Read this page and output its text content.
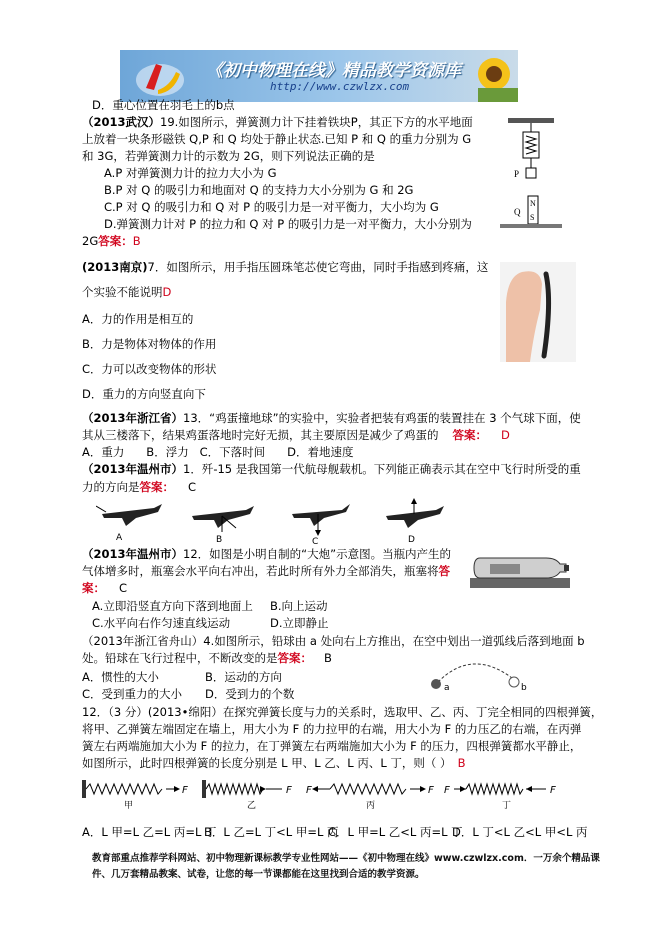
《初中物理在线》精品教学资源库
http://www.czwlzx.com
D．重心位置在羽毛上的b点
（2013武汉）19.如图所示，弹簧测力计下挂着铁块P，其正下方的水平地面
上放着一块条形磁铁 Q,P 和 Q 均处于静止状态.已知 P 和 Q 的重力分别为 G
和 3G，若弹簧测力计的示数为 2G，则下列说法正确的是
A.P 对弹簧测力计的拉力大小为 G
B.P 对 Q 的吸引力和地面对 Q 的支持力大小分别为 G 和 2G
C.P 对 Q 的吸引力和 Q 对 P 的吸引力是一对平衡力，大小均为 G
D.弹簧测力计对 P 的拉力和 Q 对 P 的吸引力是一对平衡力，大小分别为
2G答案：B
P
N
S
Q
(2013南京)7．如图所示，用手指压圆珠笔芯使它弯曲，同时手指感到疼痛，这
个实验不能说明D
A．力的作用是相互的
B．力是物体对物体的作用
C．力可以改变物体的形状
D．重力的方向竖直向下
（2013年浙江省）13．“鸡蛋撞地球”的实验中，实验者把装有鸡蛋的装置挂在 3 个气球下面，使
其从三楼落下，结果鸡蛋落地时完好无损，其主要原因是减少了鸡蛋的 答案： D
A．重力      B．浮力   C．下落时间      D．着地速度
（2013年温州市）1．歼-15 是我国第一代航母舰载机。下列能正确表示其在空中飞行时所受的重
力的方向是答案： C
A	B	C	D
（2013年温州市）12．如图是小明自制的“大炮”示意图。当瓶内产生的
气体增多时，瓶塞会水平向右冲出，若此时所有外力全部消失，瓶塞将答
案： C
A.立即沿竖直方向下落到地面上 B.向上运动
C.水平向右作匀速直线运动	D.立即静止
（2013年浙江省舟山）4.如图所示，铅球由 a 处向右上方推出，在空中划出一道弧线后落到地面 b
处。铅球在飞行过程中，不断改变的是答案： B
A．惯性的大小	B．运动的方向
C．受到重力的大小 D．受到力的个数	a	b
12．（3 分）(2013•绵阳）在探究弹簧长度与力的关系时，选取甲、乙、丙、丁完全相同的四根弹簧，
将甲、乙弹簧左端固定在墙上，用大小为 F 的力拉甲的右端，用大小为 F 的力压乙的右端，在丙弹
簧左右两端施加大小为 F 的拉力，在丁弹簧左右两端施加大小为 F 的压力，四根弹簧都水平静止，
如图所示，此时四根弹簧的长度分别是 L 甲、L 乙、L 丙、L 丁，则（ ） B
F
甲
F
乙
F	F
丙
F	F
丁
A．L 甲=L 乙=L 丙=L 丁
B．L 乙=L 丁<L 甲=L 丙
C．L 甲=L 乙<L 丙=L 丁
D．L 丁<L 乙<L 甲<L 丙
教育部重点推荐学科网站、初中物理新课标教学专业性网站——《初中物理在线》www.czwlzx.com．一万余个精品课
件、几万套精品教案、试卷，让您的每一节课都能在这里找到合适的教学资源。
